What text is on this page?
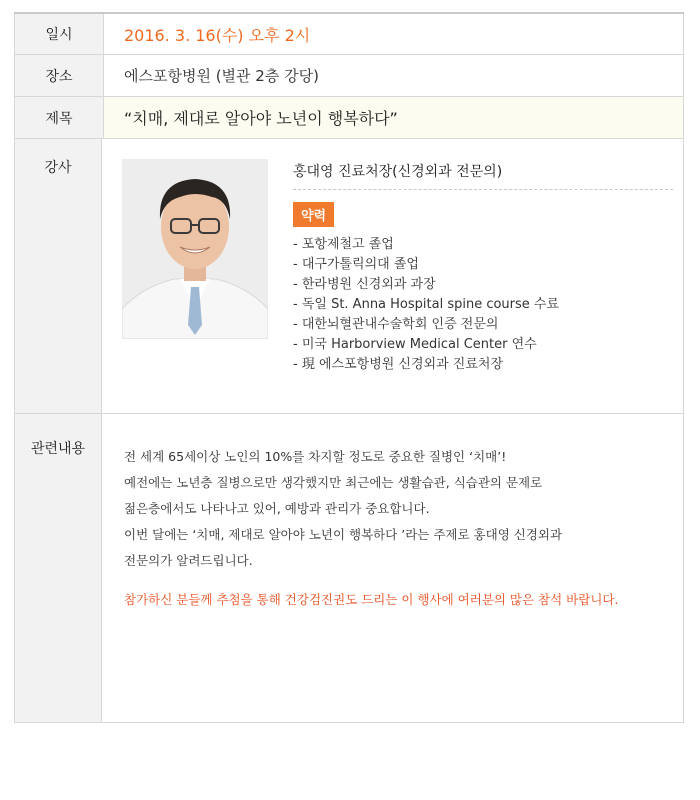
일시	2016. 3. 16(수) 오후 2시
장소	에스포항병원 (별관 2층 강당)
제목	“치매, 제대로 알아야 노년이 행복하다”
강사	홍대영 진료처장(신경외과 전문의)
약력
- 포항제철고 졸업
- 대구가톨릭의대 졸업
- 한라병원 신경외과 과장
- 독일 St. Anna Hospital spine course 수료
- 대한뇌혈관내수술학회 인증 전문의
- 미국 Harborview Medical Center 연수
- 現 에스포항병원 신경외과 진료처장
관련내용	전 세계 65세이상 노인의 10%를 차지할 정도로 중요한 질병인 ‘치매’!

예전에는 노년층 질병으로만 생각했지만 최근에는 생활습관, 식습관의 문제로

젊은층에서도 나타나고 있어, 예방과 관리가 중요합니다.

이번 달에는 ‘치매, 제대로 알아야 노년이 행복하다 ’라는 주제로 홍대영 신경외과

전문의가 알려드립니다.

참가하신 분들께 추첨을 통해 건강검진권도 드리는 이 행사에 여러분의 많은 참석 바랍니다.
